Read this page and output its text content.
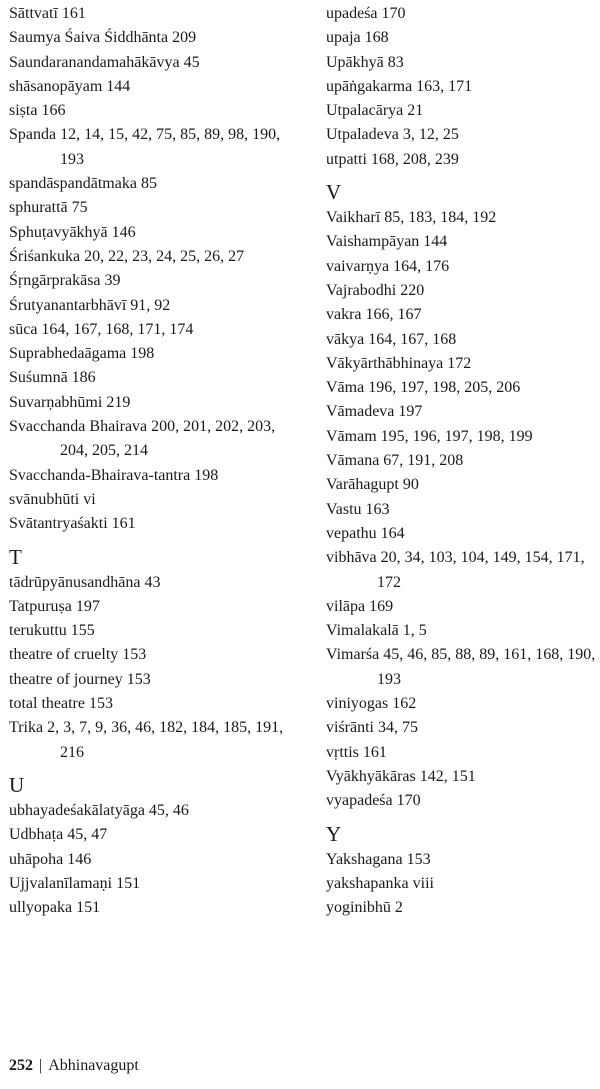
Sāttvatī 161
Saumya Śaiva Śiddhānta 209
Saundaranandamahākāvya 45
shāsanopāyam 144
siṣta 166
Spanda 12, 14, 15, 42, 75, 85, 89, 98, 190, 193
spandāspandātmaka 85
sphurattā 75
Sphuṭavyākhyā 146
Śriśankuka 20, 22, 23, 24, 25, 26, 27
Śṛngārprakāsa 39
Śrutyanantarbhāvī 91, 92
sūca 164, 167, 168, 171, 174
Suprabhedaāgama 198
Suśumnā 186
Suvarṇabhūmi 219
Svacchanda Bhairava 200, 201, 202, 203, 204, 205, 214
Svacchanda-Bhairava-tantra 198
svānubhūti vi
Svātantryaśakti 161
T
tādrūpyānusandhāna 43
Tatpuruṣa 197
terukuttu 155
theatre of cruelty 153
theatre of journey 153
total theatre 153
Trika 2, 3, 7, 9, 36, 46, 182, 184, 185, 191, 216
U
ubhayadeśakālatyāga 45, 46
Udbhaṭa 45, 47
uhāpoha 146
Ujjvalanīlamaṇi 151
ullyopaka 151
upadeśa 170
upaja 168
Upākhyā 83
upāṅgakarma 163, 171
Utpalacārya 21
Utpaladeva 3, 12, 25
utpatti 168, 208, 239
V
Vaikharī 85, 183, 184, 192
Vaishampāyan 144
vaivarṇya 164, 176
Vajrabodhi 220
vakra 166, 167
vākya 164, 167, 168
Vākyārthābhinaya 172
Vāma 196, 197, 198, 205, 206
Vāmadeva 197
Vāmam 195, 196, 197, 198, 199
Vāmana 67, 191, 208
Varāhagupt 90
Vastu 163
vepathu 164
vibhāva 20, 34, 103, 104, 149, 154, 171, 172
vilāpa 169
Vimalakalā 1, 5
Vimarśa 45, 46, 85, 88, 89, 161, 168, 190, 193
viniyogas 162
viśrānti 34, 75
vṛttis 161
Vyākhyākāras 142, 151
vyapadeśa 170
Y
Yakshagana 153
yakshapanka viii
yoginibhū 2
252 | Abhinavagupt
